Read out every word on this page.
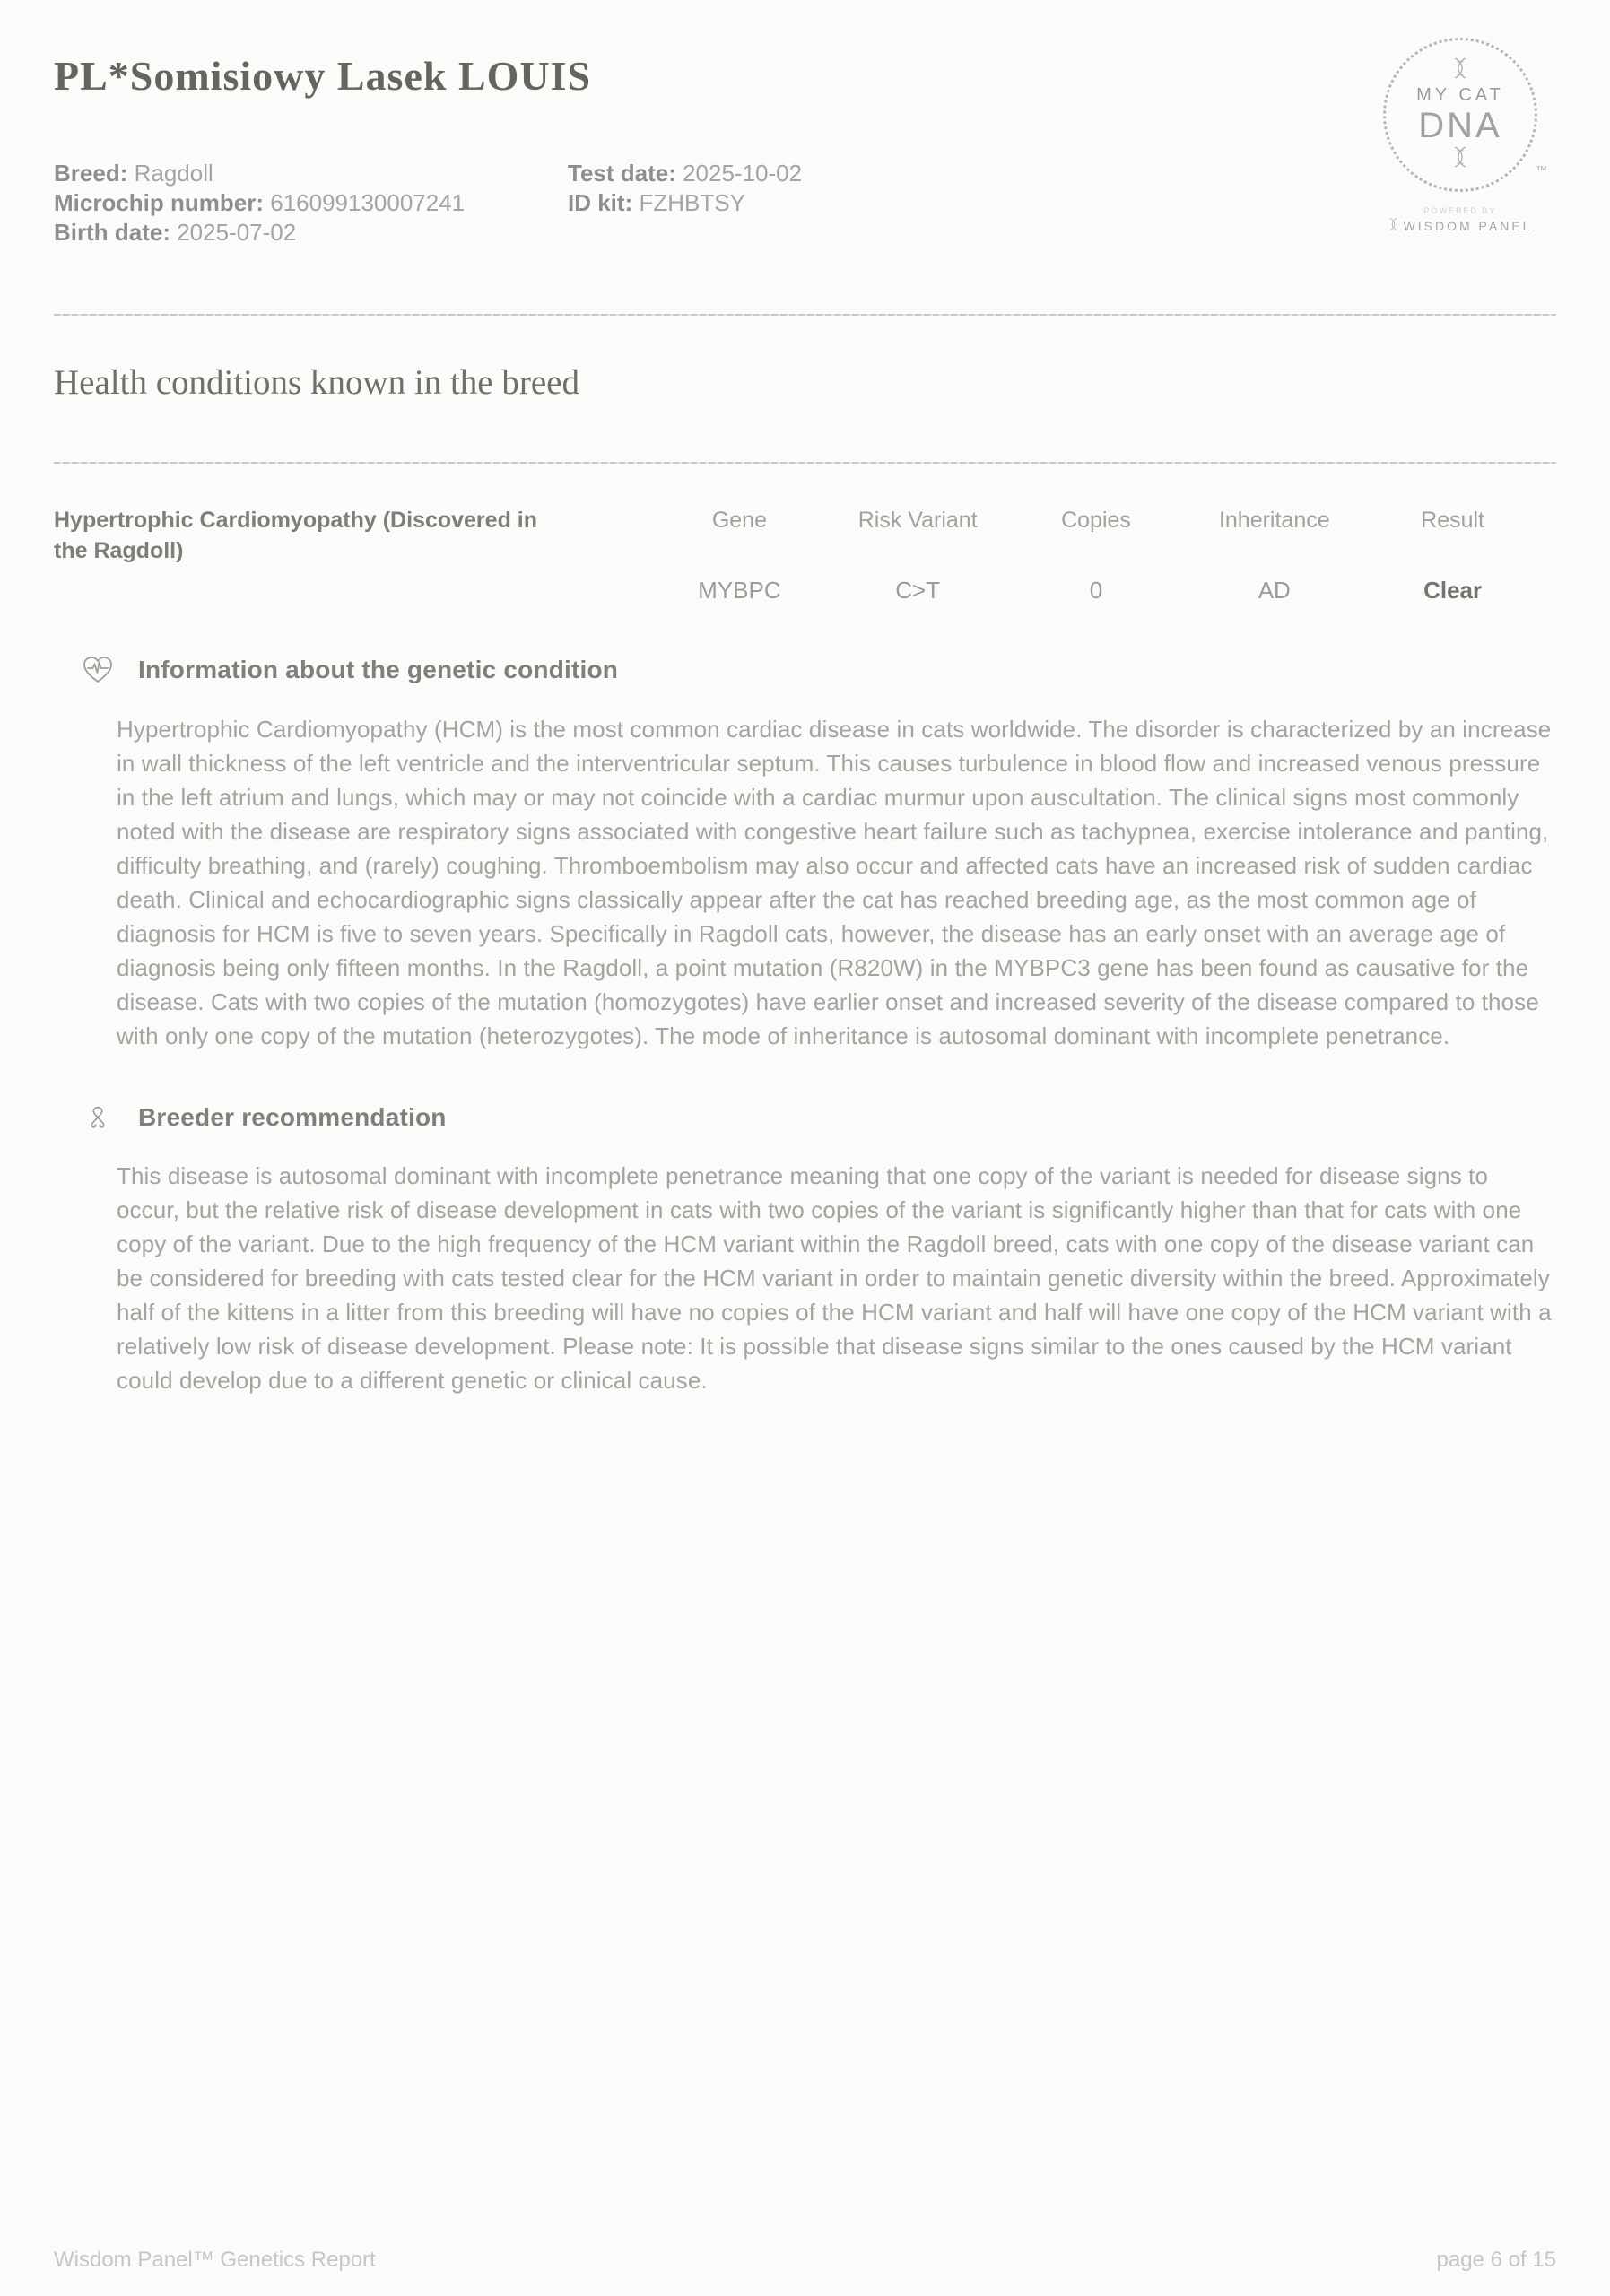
PL*Somisiowy Lasek LOUIS
Breed: Ragdoll
Microchip number: 616099130007241
Birth date: 2025-07-02
Test date: 2025-10-02
ID kit: FZHBTSY
MY CAT
DNA
™
POWERED BY
WISDOM PANEL
Health conditions known in the breed
Hypertrophic Cardiomyopathy (Discovered in the Ragdoll)
Gene
MYBPC
Risk Variant
C>T
Copies
0
Inheritance
AD
Result
Clear
Information about the genetic condition

Hypertrophic Cardiomyopathy (HCM) is the most common cardiac disease in cats worldwide. The disorder is characterized by an increase in wall thickness of the left ventricle and the interventricular septum. This causes turbulence in blood flow and increased venous pressure in the left atrium and lungs, which may or may not coincide with a cardiac murmur upon auscultation. The clinical signs most commonly noted with the disease are respiratory signs associated with congestive heart failure such as tachypnea, exercise intolerance and panting, difficulty breathing, and (rarely) coughing. Thromboembolism may also occur and affected cats have an increased risk of sudden cardiac death. Clinical and echocardiographic signs classically appear after the cat has reached breeding age, as the most common age of diagnosis for HCM is five to seven years. Specifically in Ragdoll cats, however, the disease has an early onset with an average age of diagnosis being only fifteen months. In the Ragdoll, a point mutation (R820W) in the MYBPC3 gene has been found as causative for the disease. Cats with two copies of the mutation (homozygotes) have earlier onset and increased severity of the disease compared to those with only one copy of the mutation (heterozygotes). The mode of inheritance is autosomal dominant with incomplete penetrance.

Breeder recommendation

This disease is autosomal dominant with incomplete penetrance meaning that one copy of the variant is needed for disease signs to occur, but the relative risk of disease development in cats with two copies of the variant is significantly higher than that for cats with one copy of the variant. Due to the high frequency of the HCM variant within the Ragdoll breed, cats with one copy of the disease variant can be considered for breeding with cats tested clear for the HCM variant in order to maintain genetic diversity within the breed. Approximately half of the kittens in a litter from this breeding will have no copies of the HCM variant and half will have one copy of the HCM variant with a relatively low risk of disease development. Please note: It is possible that disease signs similar to the ones caused by the HCM variant could develop due to a different genetic or clinical cause.

Wisdom Panel™ Genetics Report	page 6 of 15
